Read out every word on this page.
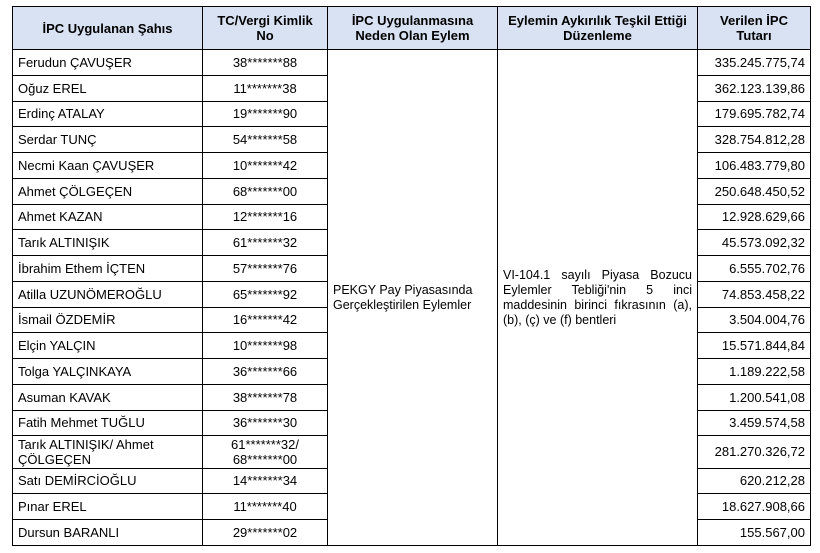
İPC Uygulanan Şahıs	TC/Vergi Kimlik No	İPC Uygulanmasına Neden Olan Eylem	Eylemin Aykırılık Teşkil Ettiği Düzenleme	Verilen İPC Tutarı
Ferudun ÇAVUŞER	38*******88	PEKGY Pay Piyasasında Gerçekleştirilen Eylemler	VI-104.1 sayılı Piyasa Bozucu Eylemler Tebliği'nin 5 inci maddesinin birinci fıkrasının (a), (b), (ç) ve (f) bentleri	335.245.775,74
Oğuz EREL	11*******38			362.123.139,86
Erdinç ATALAY	19*******90			179.695.782,74
Serdar TUNÇ	54*******58			328.754.812,28
Necmi Kaan ÇAVUŞER	10*******42			106.483.779,80
Ahmet ÇÖLGEÇEN	68*******00			250.648.450,52
Ahmet KAZAN	12*******16			12.928.629,66
Tarık ALTINIŞIK	61*******32			45.573.092,32
İbrahim Ethem İÇTEN	57*******76			6.555.702,76
Atilla UZUNÖMEROĞLU	65*******92			74.853.458,22
İsmail ÖZDEMİR	16*******42			3.504.004,76
Elçin YALÇIN	10*******98			15.571.844,84
Tolga YALÇINKAYA	36*******66			1.189.222,58
Asuman KAVAK	38*******78			1.200.541,08
Fatih Mehmet TUĞLU	36*******30			3.459.574,58
Tarık ALTINIŞIK/ Ahmet ÇÖLGEÇEN	61*******32/ 68*******00			281.270.326,72
Satı DEMİRCİOĞLU	14*******34			620.212,28
Pınar EREL	11*******40			18.627.908,66
Dursun BARANLI	29*******02			155.567,00
